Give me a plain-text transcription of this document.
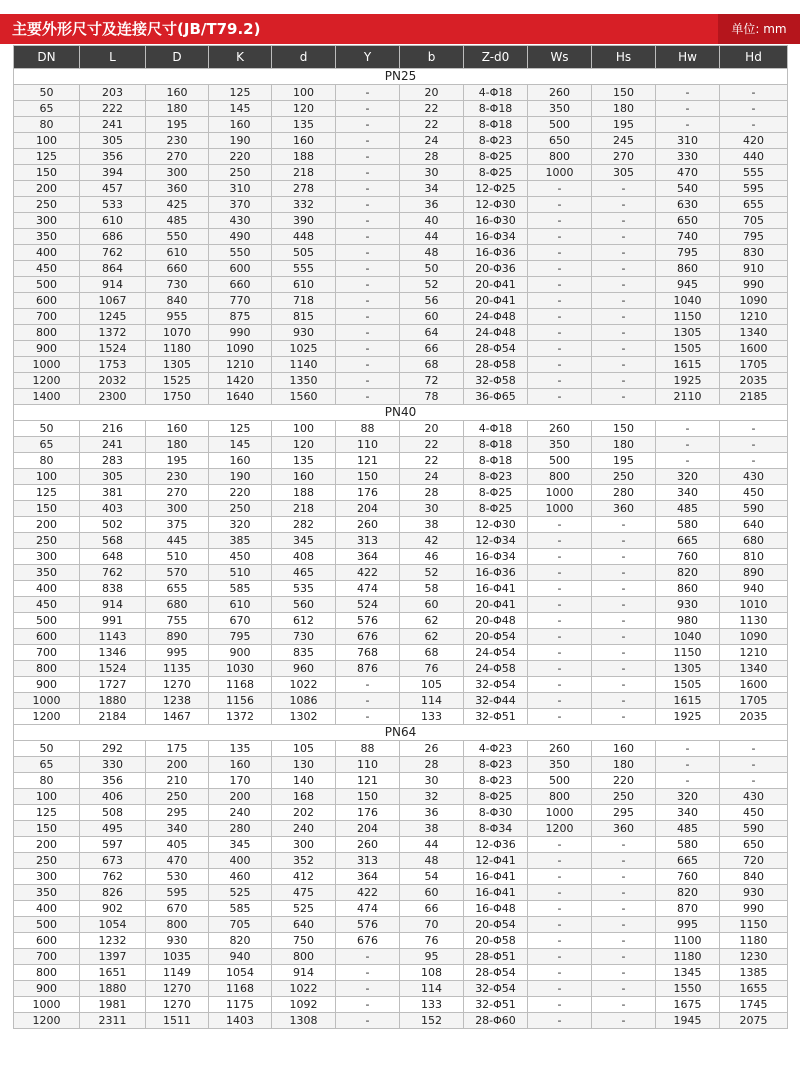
主要外形尺寸及连接尺寸(JB/T79.2)	单位: mm
DN	L	D	K	d	Y	b	Z-d0	Ws	Hs	Hw	Hd
PN25											
50	203	160	125	100	-	20	4-Φ18	260	150	-	-
65	222	180	145	120	-	22	8-Φ18	350	180	-	-
80	241	195	160	135	-	22	8-Φ18	500	195	-	-
100	305	230	190	160	-	24	8-Φ23	650	245	310	420
125	356	270	220	188	-	28	8-Φ25	800	270	330	440
150	394	300	250	218	-	30	8-Φ25	1000	305	470	555
200	457	360	310	278	-	34	12-Φ25	-	-	540	595
250	533	425	370	332	-	36	12-Φ30	-	-	630	655
300	610	485	430	390	-	40	16-Φ30	-	-	650	705
350	686	550	490	448	-	44	16-Φ34	-	-	740	795
400	762	610	550	505	-	48	16-Φ36	-	-	795	830
450	864	660	600	555	-	50	20-Φ36	-	-	860	910
500	914	730	660	610	-	52	20-Φ41	-	-	945	990
600	1067	840	770	718	-	56	20-Φ41	-	-	1040	1090
700	1245	955	875	815	-	60	24-Φ48	-	-	1150	1210
800	1372	1070	990	930	-	64	24-Φ48	-	-	1305	1340
900	1524	1180	1090	1025	-	66	28-Φ54	-	-	1505	1600
1000	1753	1305	1210	1140	-	68	28-Φ58	-	-	1615	1705
1200	2032	1525	1420	1350	-	72	32-Φ58	-	-	1925	2035
1400	2300	1750	1640	1560	-	78	36-Φ65	-	-	2110	2185
PN40											
50	216	160	125	100	88	20	4-Φ18	260	150	-	-
65	241	180	145	120	110	22	8-Φ18	350	180	-	-
80	283	195	160	135	121	22	8-Φ18	500	195	-	-
100	305	230	190	160	150	24	8-Φ23	800	250	320	430
125	381	270	220	188	176	28	8-Φ25	1000	280	340	450
150	403	300	250	218	204	30	8-Φ25	1000	360	485	590
200	502	375	320	282	260	38	12-Φ30	-	-	580	640
250	568	445	385	345	313	42	12-Φ34	-	-	665	680
300	648	510	450	408	364	46	16-Φ34	-	-	760	810
350	762	570	510	465	422	52	16-Φ36	-	-	820	890
400	838	655	585	535	474	58	16-Φ41	-	-	860	940
450	914	680	610	560	524	60	20-Φ41	-	-	930	1010
500	991	755	670	612	576	62	20-Φ48	-	-	980	1130
600	1143	890	795	730	676	62	20-Φ54	-	-	1040	1090
700	1346	995	900	835	768	68	24-Φ54	-	-	1150	1210
800	1524	1135	1030	960	876	76	24-Φ58	-	-	1305	1340
900	1727	1270	1168	1022	-	105	32-Φ54	-	-	1505	1600
1000	1880	1238	1156	1086	-	114	32-Φ44	-	-	1615	1705
1200	2184	1467	1372	1302	-	133	32-Φ51	-	-	1925	2035
PN64											
50	292	175	135	105	88	26	4-Φ23	260	160	-	-
65	330	200	160	130	110	28	8-Φ23	350	180	-	-
80	356	210	170	140	121	30	8-Φ23	500	220	-	-
100	406	250	200	168	150	32	8-Φ25	800	250	320	430
125	508	295	240	202	176	36	8-Φ30	1000	295	340	450
150	495	340	280	240	204	38	8-Φ34	1200	360	485	590
200	597	405	345	300	260	44	12-Φ36	-	-	580	650
250	673	470	400	352	313	48	12-Φ41	-	-	665	720
300	762	530	460	412	364	54	16-Φ41	-	-	760	840
350	826	595	525	475	422	60	16-Φ41	-	-	820	930
400	902	670	585	525	474	66	16-Φ48	-	-	870	990
500	1054	800	705	640	576	70	20-Φ54	-	-	995	1150
600	1232	930	820	750	676	76	20-Φ58	-	-	1100	1180
700	1397	1035	940	800	-	95	28-Φ51	-	-	1180	1230
800	1651	1149	1054	914	-	108	28-Φ54	-	-	1345	1385
900	1880	1270	1168	1022	-	114	32-Φ54	-	-	1550	1655
1000	1981	1270	1175	1092	-	133	32-Φ51	-	-	1675	1745
1200	2311	1511	1403	1308	-	152	28-Φ60	-	-	1945	2075
